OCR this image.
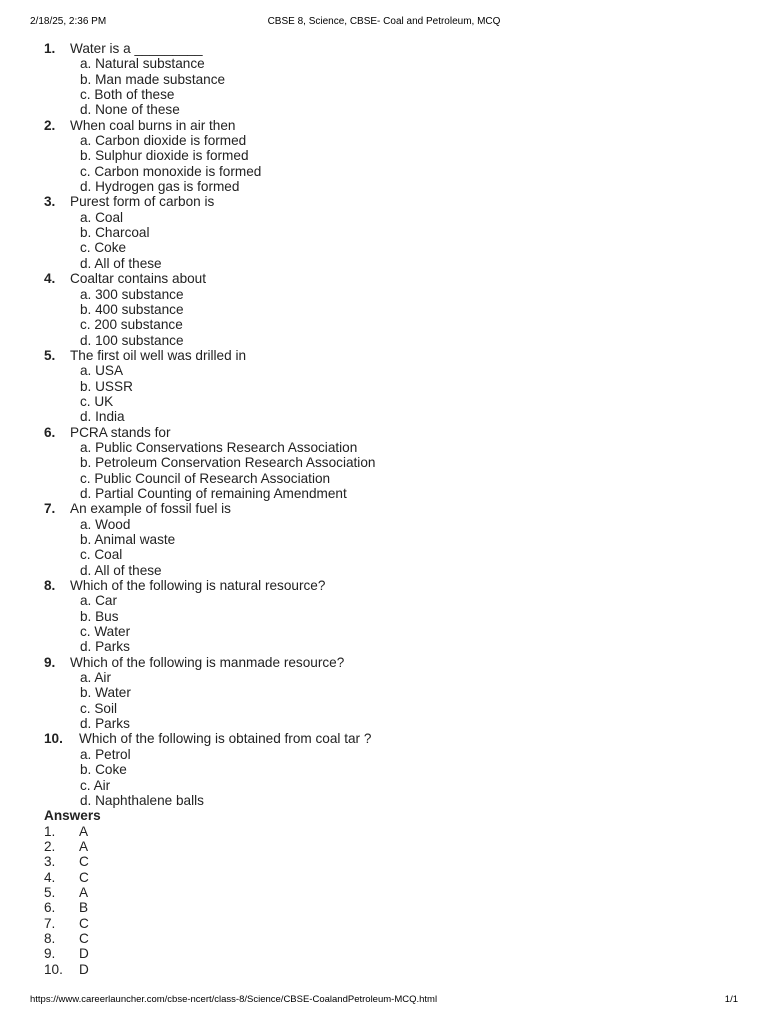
2/18/25, 2:36 PM	CBSE 8, Science, CBSE- Coal and Petroleum, MCQ
1.	Water is a _________
a. Natural substance
b. Man made substance
c. Both of these
d. None of these
2.	When coal burns in air then
a. Carbon dioxide is formed
b. Sulphur dioxide is formed
c. Carbon monoxide is formed
d. Hydrogen gas is formed
3.	Purest form of carbon is
a. Coal
b. Charcoal
c. Coke
d. All of these
4.	Coaltar contains about
a. 300 substance
b. 400 substance
c. 200 substance
d. 100 substance
5.	The first oil well was drilled in
a. USA
b. USSR
c. UK
d. India
6.	PCRA stands for
a. Public Conservations Research Association
b. Petroleum Conservation Research Association
c. Public Council of Research Association
d. Partial Counting of remaining Amendment
7.	An example of fossil fuel is
a. Wood
b. Animal waste
c. Coal
d. All of these
8.	Which of the following is natural resource?
a. Car
b. Bus
c. Water
d. Parks
9.	Which of the following is manmade resource?
a. Air
b. Water
c. Soil
d. Parks
10.	Which of the following is obtained from coal tar ?
a. Petrol
b. Coke
c. Air
d. Naphthalene balls
Answers
1.	A
2.	A
3.	C
4.	C
5.	A
6.	B
7.	C
8.	C
9.	D
10.	D
https://www.careerlauncher.com/cbse-ncert/class-8/Science/CBSE-CoalandPetroleum-MCQ.html	1/1
